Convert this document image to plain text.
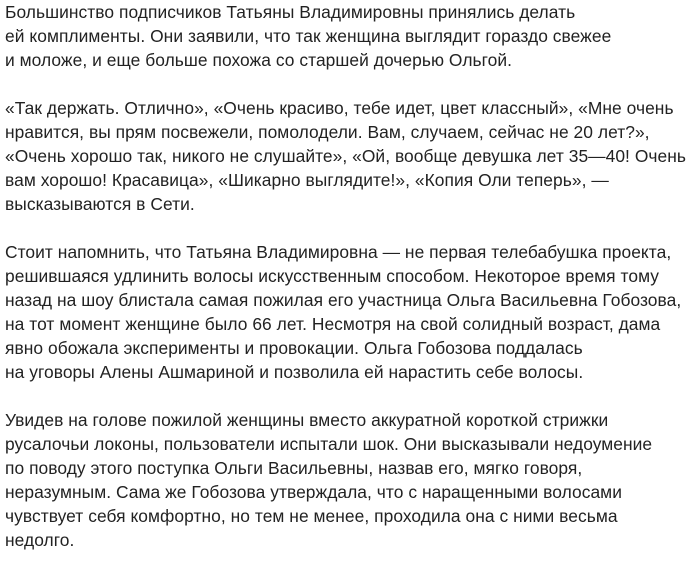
Большинство подписчиков Татьяны Владимировны принялись делать
ей комплименты. Они заявили, что так женщина выглядит гораздо свежее
и моложе, и еще больше похожа со старшей дочерью Ольгой.

«Так держать. Отлично», «Очень красиво, тебе идет, цвет классный», «Мне очень
нравится, вы прям посвежели, помолодели. Вам, случаем, сейчас не 20 лет?»,
«Очень хорошо так, никого не слушайте», «Ой, вообще девушка лет 35—40! Очень
вам хорошо! Красавица», «Шикарно выглядите!», «Копия Оли теперь», —
высказываются в Сети.

Стоит напомнить, что Татьяна Владимировна — не первая телебабушка проекта,
решившаяся удлинить волосы искусственным способом. Некоторое время тому
назад на шоу блистала самая пожилая его участница Ольга Васильевна Гобозова,
на тот момент женщине было 66 лет. Несмотря на свой солидный возраст, дама
явно обожала эксперименты и провокации. Ольга Гобозова поддалась
на уговоры Алены Ашмариной и позволила ей нарастить себе волосы.

Увидев на голове пожилой женщины вместо аккуратной короткой стрижки
русалочьи локоны, пользователи испытали шок. Они высказывали недоумение
по поводу этого поступка Ольги Васильевны, назвав его, мягко говоря,
неразумным. Сама же Гобозова утверждала, что с наращенными волосами
чувствует себя комфортно, но тем не менее, проходила она с ними весьма
недолго.
